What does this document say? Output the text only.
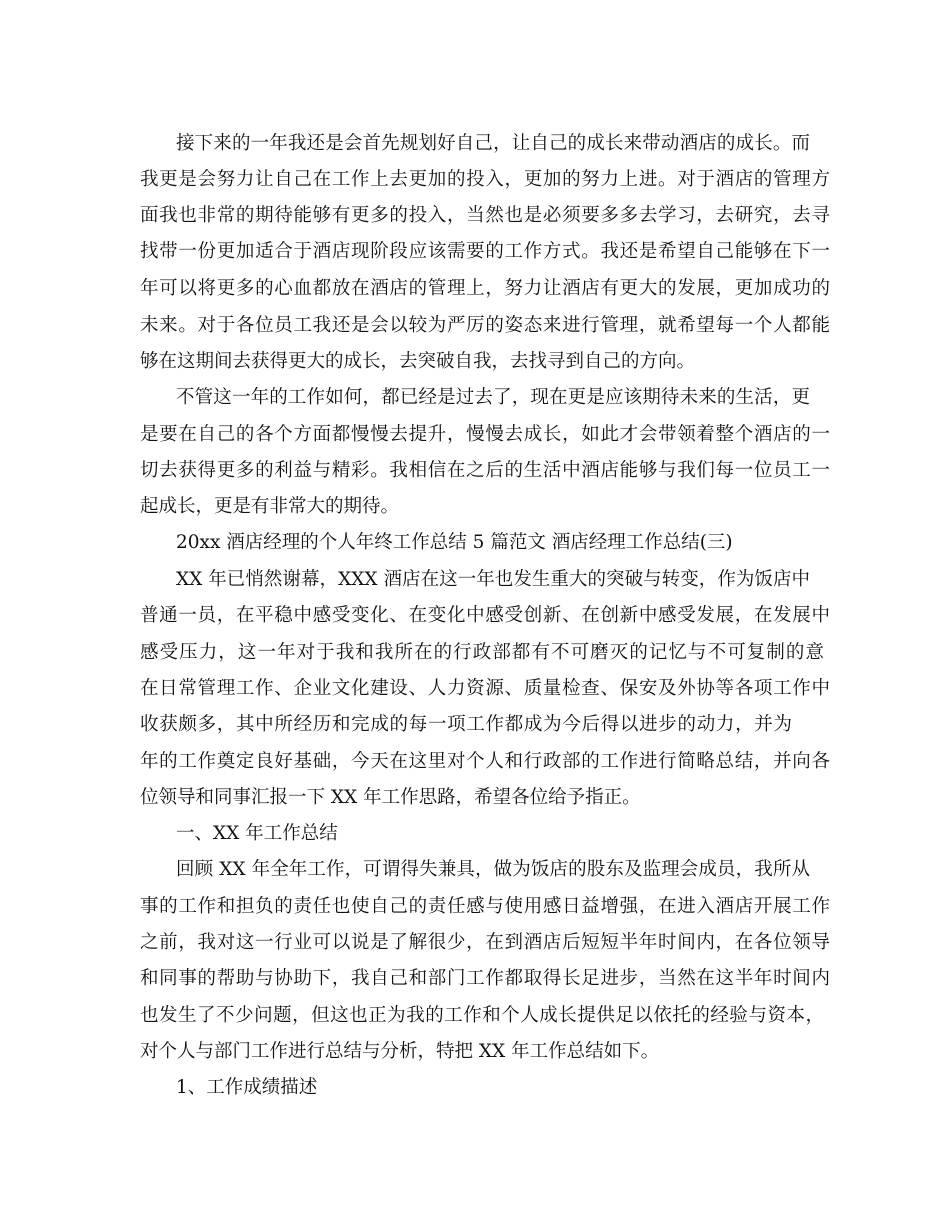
接下来的一年我还是会首先规划好自己，让自己的成长来带动酒店的成长。而
我更是会努力让自己在工作上去更加的投入，更加的努力上进。对于酒店的管理方
面我也非常的期待能够有更多的投入，当然也是必须要多多去学习，去研究，去寻
找带一份更加适合于酒店现阶段应该需要的工作方式。我还是希望自己能够在下一
年可以将更多的心血都放在酒店的管理上，努力让酒店有更大的发展，更加成功的
未来。对于各位员工我还是会以较为严厉的姿态来进行管理，就希望每一个人都能
够在这期间去获得更大的成长，去突破自我，去找寻到自己的方向。
不管这一年的工作如何，都已经是过去了，现在更是应该期待未来的生活，更
是要在自己的各个方面都慢慢去提升，慢慢去成长，如此才会带领着整个酒店的一
切去获得更多的利益与精彩。我相信在之后的生活中酒店能够与我们每一位员工一
起成长，更是有非常大的期待。
20xx 酒店经理的个人年终工作总结 5 篇范文 酒店经理工作总结(三)
XX 年已悄然谢幕，XXX 酒店在这一年也发生重大的突破与转变，作为饭店中
普通一员，在平稳中感受变化、在变化中感受创新、在创新中感受发展，在发展中
感受压力，这一年对于我和我所在的行政部都有不可磨灭的记忆与不可复制的意
在日常管理工作、企业文化建设、人力资源、质量检查、保安及外协等各项工作中
收获颇多，其中所经历和完成的每一项工作都成为今后得以进步的动力，并为
年的工作奠定良好基础，今天在这里对个人和行政部的工作进行简略总结，并向各
位领导和同事汇报一下 XX 年工作思路，希望各位给予指正。
一、XX 年工作总结
回顾 XX 年全年工作，可谓得失兼具，做为饭店的股东及监理会成员，我所从
事的工作和担负的责任也使自己的责任感与使用感日益增强，在进入酒店开展工作
之前，我对这一行业可以说是了解很少，在到酒店后短短半年时间内，在各位领导
和同事的帮助与协助下，我自己和部门工作都取得长足进步，当然在这半年时间内
也发生了不少问题，但这也正为我的工作和个人成长提供足以依托的经验与资本，
对个人与部门工作进行总结与分析，特把 XX 年工作总结如下。
1、工作成绩描述
